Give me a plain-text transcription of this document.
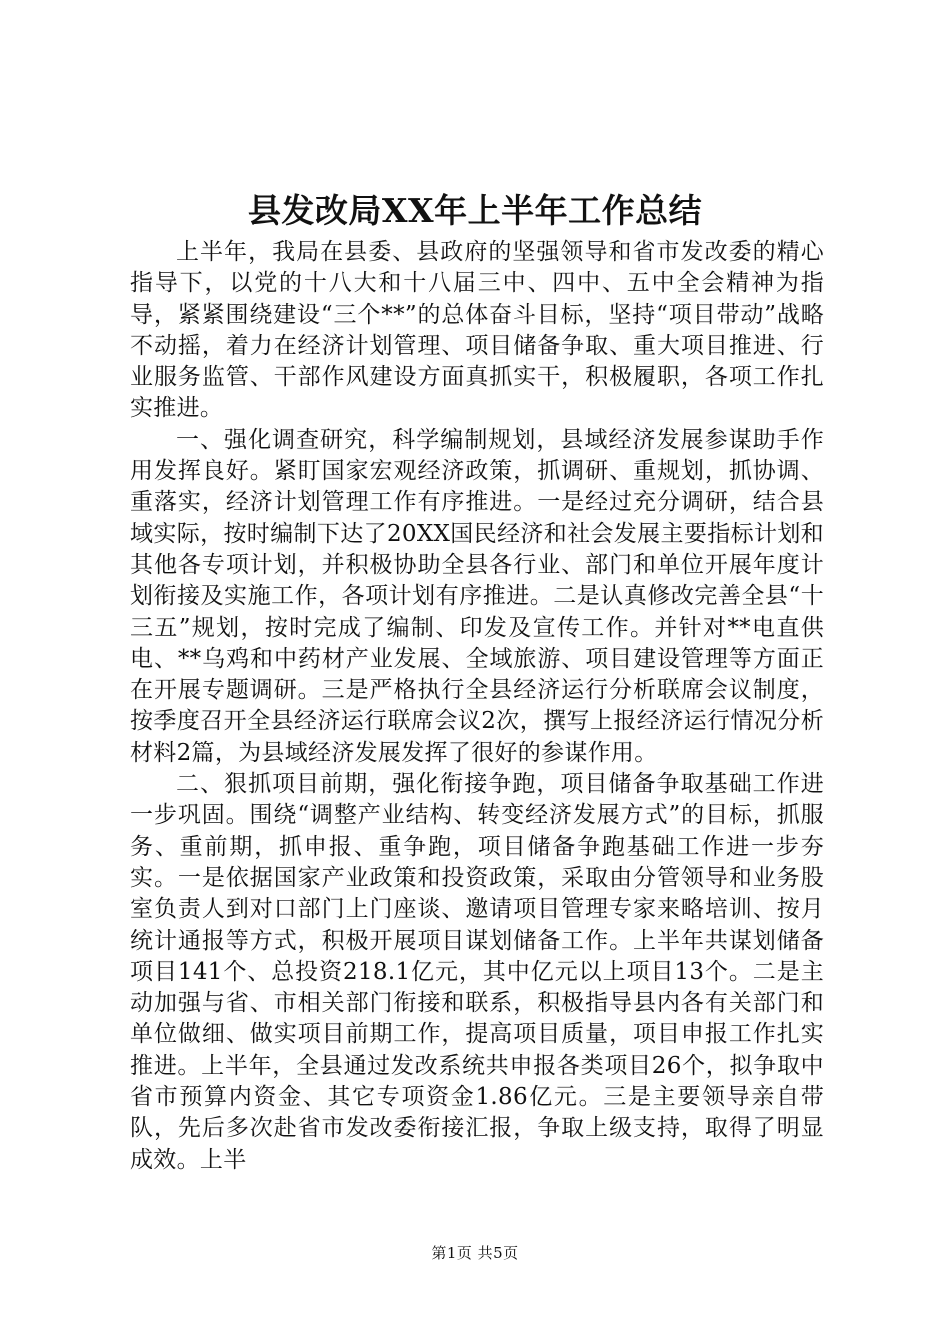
县发改局XX年上半年工作总结

上半年，我局在县委、县政府的坚强领导和省市发改委的精心指导下，以党的十八大和十八届三中、四中、五中全会精神为指导，紧紧围绕建设“三个**”的总体奋斗目标，坚持“项目带动”战略不动摇，着力在经济计划管理、项目储备争取、重大项目推进、行业服务监管、干部作风建设方面真抓实干，积极履职，各项工作扎实推进。

一、强化调查研究，科学编制规划，县域经济发展参谋助手作用发挥良好。紧盯国家宏观经济政策，抓调研、重规划，抓协调、重落实，经济计划管理工作有序推进。一是经过充分调研，结合县域实际，按时编制下达了20XX国民经济和社会发展主要指标计划和其他各专项计划，并积极协助全县各行业、部门和单位开展年度计划衔接及实施工作，各项计划有序推进。二是认真修改完善全县“十三五”规划，按时完成了编制、印发及宣传工作。并针对**电直供电、**乌鸡和中药材产业发展、全域旅游、项目建设管理等方面正在开展专题调研。三是严格执行全县经济运行分析联席会议制度，按季度召开全县经济运行联席会议2次，撰写上报经济运行情况分析材料2篇，为县域经济发展发挥了很好的参谋作用。

二、狠抓项目前期，强化衔接争跑，项目储备争取基础工作进一步巩固。围绕“调整产业结构、转变经济发展方式”的目标，抓服务、重前期，抓申报、重争跑，项目储备争跑基础工作进一步夯实。一是依据国家产业政策和投资政策，采取由分管领导和业务股室负责人到对口部门上门座谈、邀请项目管理专家来略培训、按月统计通报等方式，积极开展项目谋划储备工作。上半年共谋划储备项目141个、总投资218.1亿元，其中亿元以上项目13个。二是主动加强与省、市相关部门衔接和联系，积极指导县内各有关部门和单位做细、做实项目前期工作，提高项目质量，项目申报工作扎实推进。上半年，全县通过发改系统共申报各类项目26个，拟争取中省市预算内资金、其它专项资金1.86亿元。三是主要领导亲自带队，先后多次赴省市发改委衔接汇报，争取上级支持，取得了明显成效。上半

第1页 共5页
